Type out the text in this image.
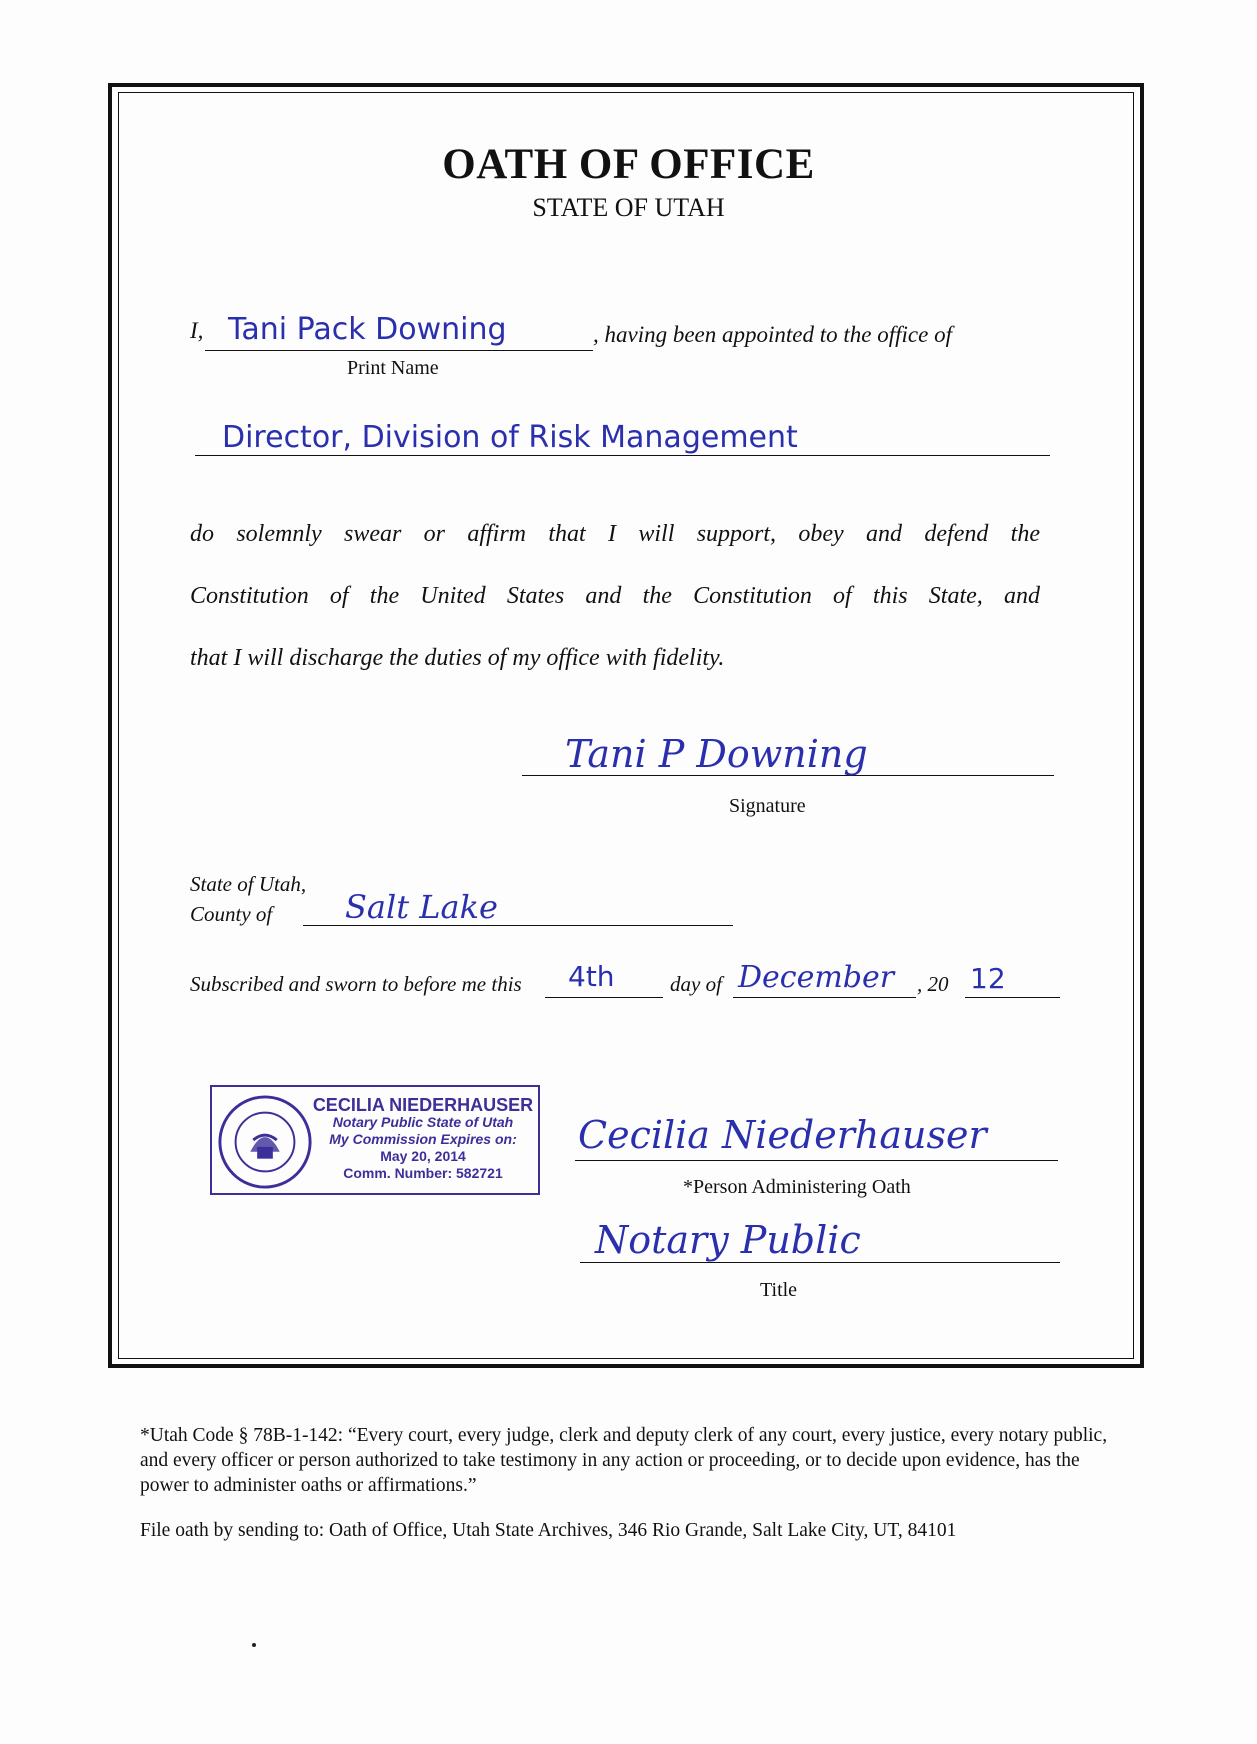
OATH OF OFFICE
STATE OF UTAH
I, Tani Pack Downing	, having been appointed to the office of
Print Name
Director, Division of Risk Management
do solemnly swear or affirm that I will support, obey and defend the
Constitution of the United States and the Constitution of this State, and
that I will discharge the duties of my office with fidelity.
Tani P Downing
Signature
State of Utah,
County of Salt Lake
Subscribed and sworn to before me this 4th	day of December , 20 12
CECILIA NIEDERHAUSER
Notary Public State of Utah
My Commission Expires on:
May 20, 2014
Comm. Number: 582721
Cecilia Niederhauser
*Person Administering Oath
Notary Public
Title
*Utah Code § 78B-1-142: “Every court, every judge, clerk and deputy clerk of any court, every justice, every notary public, and every officer or person authorized to take testimony in any action or proceeding, or to decide upon evidence, has the power to administer oaths or affirmations.”
File oath by sending to: Oath of Office, Utah State Archives, 346 Rio Grande, Salt Lake City, UT, 84101
